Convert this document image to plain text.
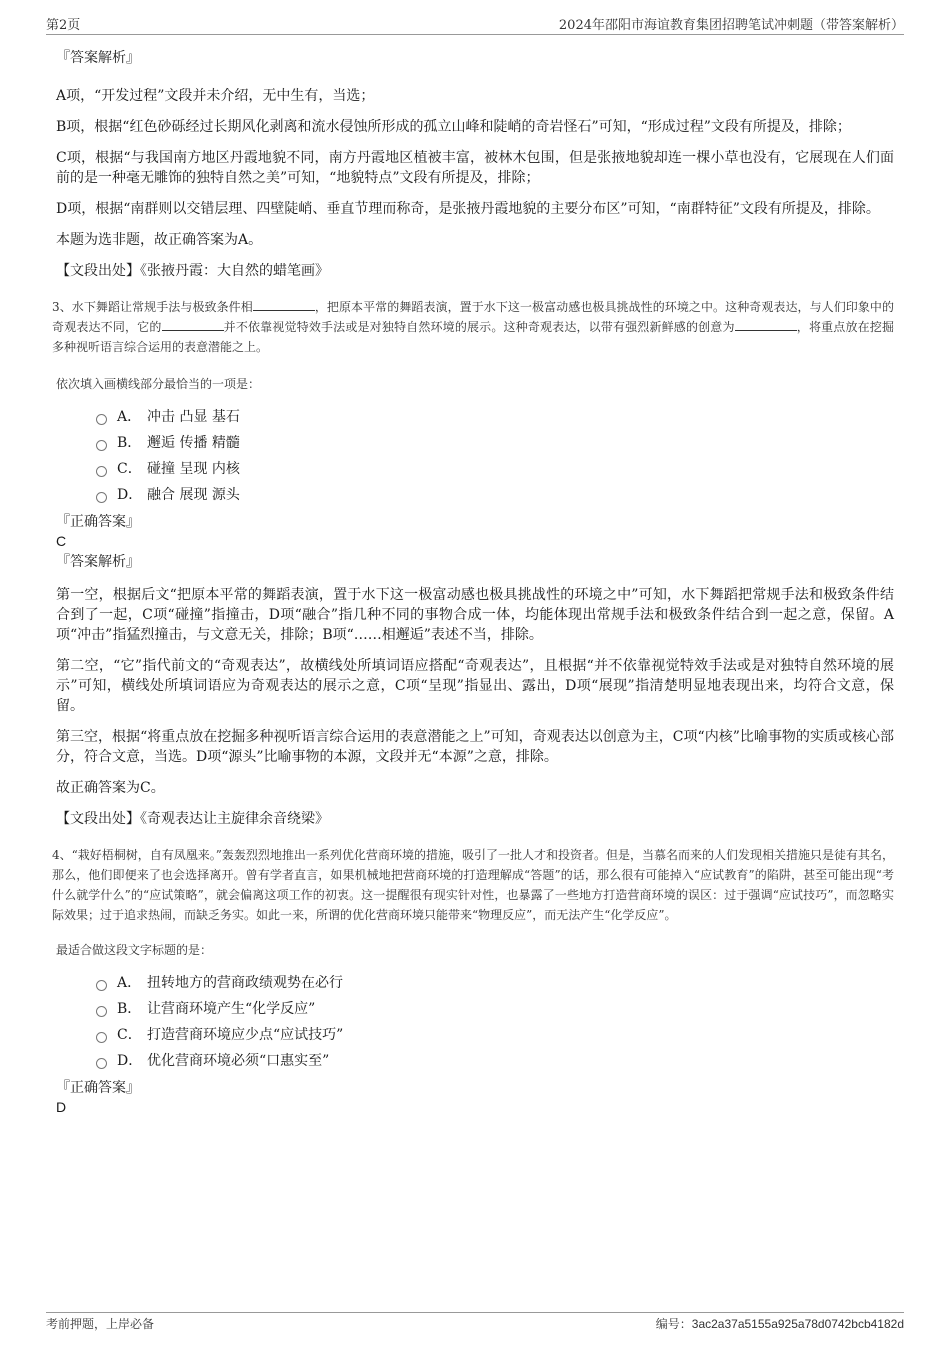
第2页	2024年邵阳市海谊教育集团招聘笔试冲刺题（带答案解析）

『答案解析』

A项，“开发过程”文段并未介绍，无中生有，当选；

B项，根据“红色砂砾经过长期风化剥离和流水侵蚀所形成的孤立山峰和陡峭的奇岩怪石”可知，“形成过程”文段有所提及，排除；

C项，根据“与我国南方地区丹霞地貌不同，南方丹霞地区植被丰富，被林木包围，但是张掖地貌却连一棵小草也没有，它展现在人们面前的是一种毫无雕饰的独特自然之美”可知，“地貌特点”文段有所提及，排除；

D项，根据“南群则以交错层理、四壁陡峭、垂直节理而称奇，是张掖丹霞地貌的主要分布区”可知，“南群特征”文段有所提及，排除。

本题为选非题，故正确答案为A。

【文段出处】《张掖丹霞：大自然的蜡笔画》

3、水下舞蹈让常规手法与极致条件相	，把原本平常的舞蹈表演，置于水下这一极富动感也极具挑战性的环境之中。这种奇观表达，与人们印象中的奇观表达不同，它的	并不依靠视觉特效手法或是对独特自然环境的展示。这种奇观表达，以带有强烈新鲜感的创意为	，将重点放在挖掘多种视听语言综合运用的表意潜能之上。

依次填入画横线部分最恰当的一项是：

A． 冲击 凸显 基石
B． 邂逅 传播 精髓
C． 碰撞 呈现 内核
D． 融合 展现 源头

『正确答案』

C

『答案解析』

第一空，根据后文“把原本平常的舞蹈表演，置于水下这一极富动感也极具挑战性的环境之中”可知，水下舞蹈把常规手法和极致条件结合到了一起，C项“碰撞”指撞击，D项“融合”指几种不同的事物合成一体，均能体现出常规手法和极致条件结合到一起之意，保留。A项“冲击”指猛烈撞击，与文意无关，排除；B项“……相邂逅”表述不当，排除。

第二空，“它”指代前文的“奇观表达”，故横线处所填词语应搭配“奇观表达”，且根据“并不依靠视觉特效手法或是对独特自然环境的展示”可知，横线处所填词语应为奇观表达的展示之意，C项“呈现”指显出、露出，D项“展现”指清楚明显地表现出来，均符合文意，保留。

第三空，根据“将重点放在挖掘多种视听语言综合运用的表意潜能之上”可知，奇观表达以创意为主，C项“内核”比喻事物的实质或核心部分，符合文意，当选。D项“源头”比喻事物的本源，文段并无“本源”之意，排除。

故正确答案为C。

【文段出处】《奇观表达让主旋律余音绕梁》

4、“栽好梧桐树，自有凤凰来。”轰轰烈烈地推出一系列优化营商环境的措施，吸引了一批人才和投资者。但是，当慕名而来的人们发现相关措施只是徒有其名，那么，他们即便来了也会选择离开。曾有学者直言，如果机械地把营商环境的打造理解成“答题”的话，那么很有可能掉入“应试教育”的陷阱，甚至可能出现“考什么就学什么”的“应试策略”，就会偏离这项工作的初衷。这一提醒很有现实针对性，也暴露了一些地方打造营商环境的误区：过于强调“应试技巧”，而忽略实际效果；过于追求热闹，而缺乏务实。如此一来，所谓的优化营商环境只能带来“物理反应”，而无法产生“化学反应”。

最适合做这段文字标题的是：

A． 扭转地方的营商政绩观势在必行
B． 让营商环境产生“化学反应”
C． 打造营商环境应少点“应试技巧”
D． 优化营商环境必须“口惠实至”

『正确答案』

D

考前押题，上岸必备	编号：3ac2a37a5155a925a78d0742bcb4182d
